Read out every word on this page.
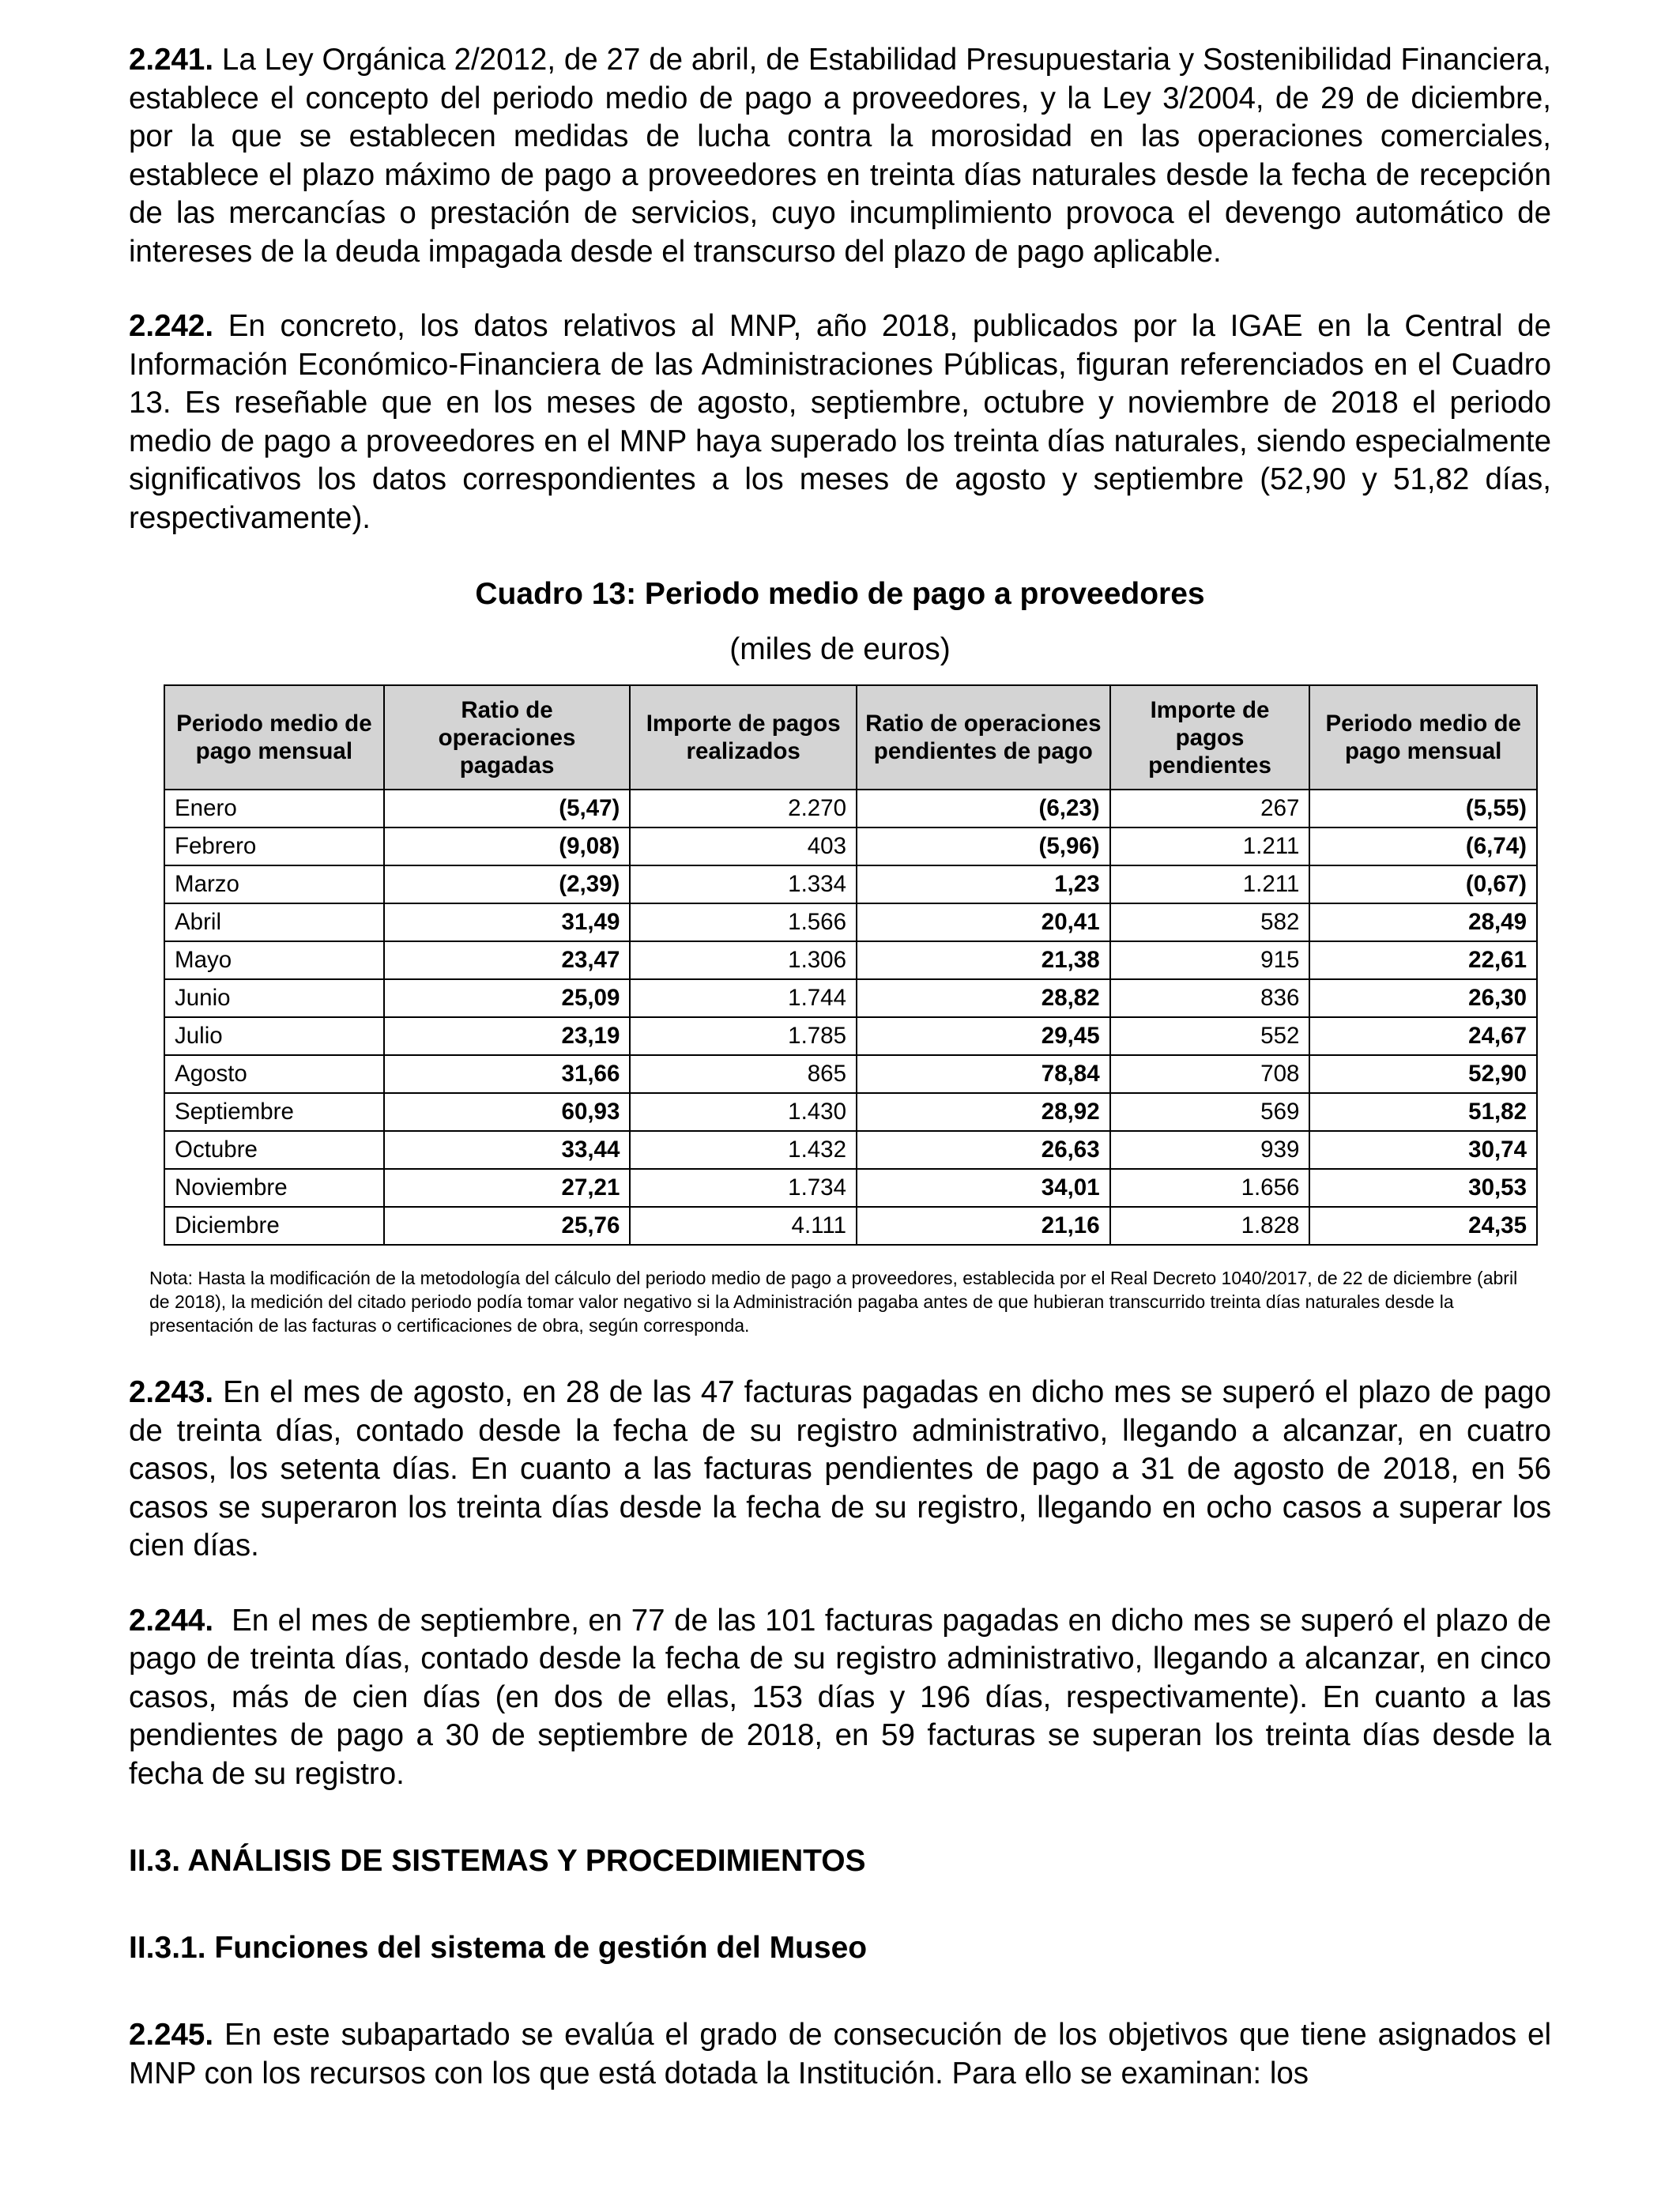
2.241. La Ley Orgánica 2/2012, de 27 de abril, de Estabilidad Presupuestaria y Sostenibilidad Financiera, establece el concepto del periodo medio de pago a proveedores, y la Ley 3/2004, de 29 de diciembre, por la que se establecen medidas de lucha contra la morosidad en las operaciones comerciales, establece el plazo máximo de pago a proveedores en treinta días naturales desde la fecha de recepción de las mercancías o prestación de servicios, cuyo incumplimiento provoca el devengo automático de intereses de la deuda impagada desde el transcurso del plazo de pago aplicable.

2.242. En concreto, los datos relativos al MNP, año 2018, publicados por la IGAE en la Central de Información Económico-Financiera de las Administraciones Públicas, figuran referenciados en el Cuadro 13. Es reseñable que en los meses de agosto, septiembre, octubre y noviembre de 2018 el periodo medio de pago a proveedores en el MNP haya superado los treinta días naturales, siendo especialmente significativos los datos correspondientes a los meses de agosto y septiembre (52,90 y 51,82 días, respectivamente).

Cuadro 13: Periodo medio de pago a proveedores
(miles de euros)
Periodo medio de pago mensual	Ratio de operaciones pagadas	Importe de pagos realizados	Ratio de operaciones pendientes de pago	Importe de pagos pendientes	Periodo medio de pago mensual
Enero	(5,47)	2.270	(6,23)	267	(5,55)
Febrero	(9,08)	403	(5,96)	1.211	(6,74)
Marzo	(2,39)	1.334	1,23	1.211	(0,67)
Abril	31,49	1.566	20,41	582	28,49
Mayo	23,47	1.306	21,38	915	22,61
Junio	25,09	1.744	28,82	836	26,30
Julio	23,19	1.785	29,45	552	24,67
Agosto	31,66	865	78,84	708	52,90
Septiembre	60,93	1.430	28,92	569	51,82
Octubre	33,44	1.432	26,63	939	30,74
Noviembre	27,21	1.734	34,01	1.656	30,53
Diciembre	25,76	4.111	21,16	1.828	24,35
Nota: Hasta la modificación de la metodología del cálculo del periodo medio de pago a proveedores, establecida por el Real Decreto 1040/2017, de 22 de diciembre (abril de 2018), la medición del citado periodo podía tomar valor negativo si la Administración pagaba antes de que hubieran transcurrido treinta días naturales desde la presentación de las facturas o certificaciones de obra, según corresponda.

2.243. En el mes de agosto, en 28 de las 47 facturas pagadas en dicho mes se superó el plazo de pago de treinta días, contado desde la fecha de su registro administrativo, llegando a alcanzar, en cuatro casos, los setenta días. En cuanto a las facturas pendientes de pago a 31 de agosto de 2018, en 56 casos se superaron los treinta días desde la fecha de su registro, llegando en ocho casos a superar los cien días.

2.244. En el mes de septiembre, en 77 de las 101 facturas pagadas en dicho mes se superó el plazo de pago de treinta días, contado desde la fecha de su registro administrativo, llegando a alcanzar, en cinco casos, más de cien días (en dos de ellas, 153 días y 196 días, respectivamente). En cuanto a las pendientes de pago a 30 de septiembre de 2018, en 59 facturas se superan los treinta días desde la fecha de su registro.

II.3. ANÁLISIS DE SISTEMAS Y PROCEDIMIENTOS
II.3.1. Funciones del sistema de gestión del Museo

2.245. En este subapartado se evalúa el grado de consecución de los objetivos que tiene asignados el MNP con los recursos con los que está dotada la Institución. Para ello se examinan: los
